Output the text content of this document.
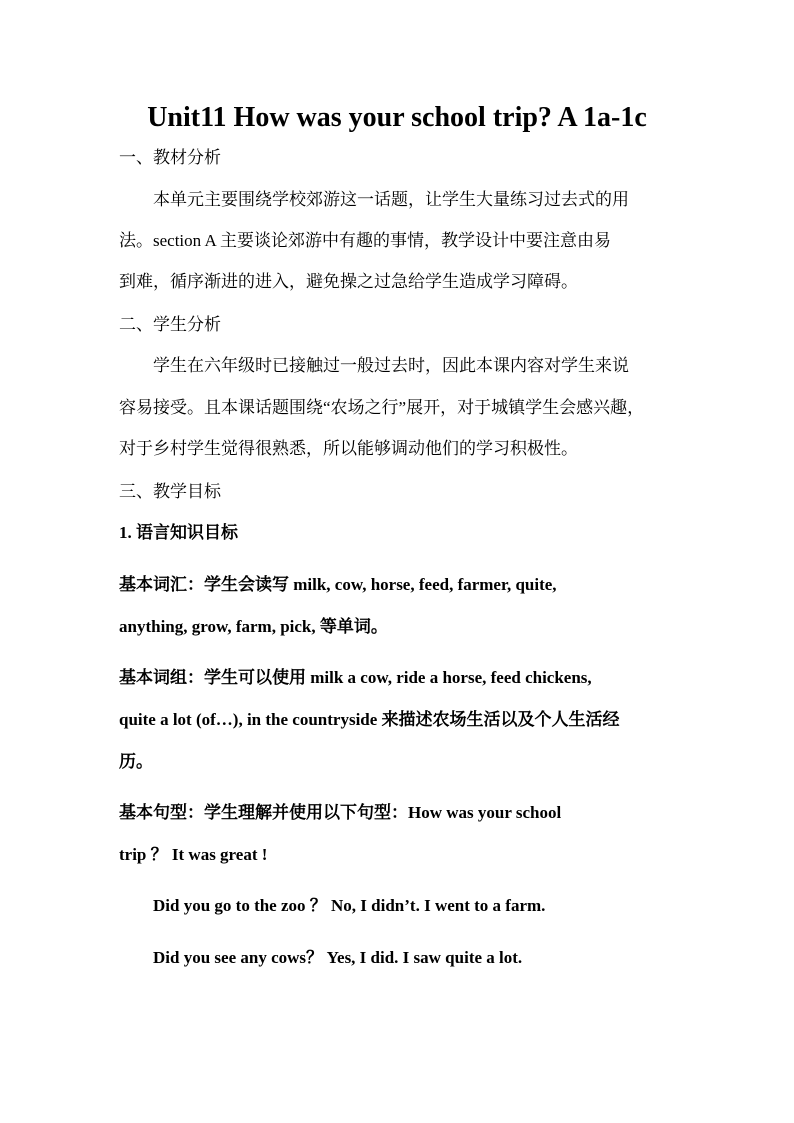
Unit11 How was your school trip? A 1a-1c
一、教材分析
本单元主要围绕学校郊游这一话题，让学生大量练习过去式的用
法。section A 主要谈论郊游中有趣的事情，教学设计中要注意由易
到难，循序渐进的进入，避免操之过急给学生造成学习障碍。
二、学生分析
学生在六年级时已接触过一般过去时，因此本课内容对学生来说
容易接受。且本课话题围绕“农场之行”展开，对于城镇学生会感兴趣，
对于乡村学生觉得很熟悉，所以能够调动他们的学习积极性。
三、教学目标
1. 语言知识目标
基本词汇：学生会读写 milk, cow, horse, feed, farmer, quite,
anything, grow, farm, pick, 等单词。
基本词组：学生可以使用 milk a cow, ride a horse, feed chickens,
quite a lot (of…), in the countryside 来描述农场生活以及个人生活经
历。
基本句型：学生理解并使用以下句型：How was your school
trip ？ It was great !
Did you go to the zoo ？ No, I didn’t. I went to a farm.
Did you see any cows？ Yes, I did. I saw quite a lot.
